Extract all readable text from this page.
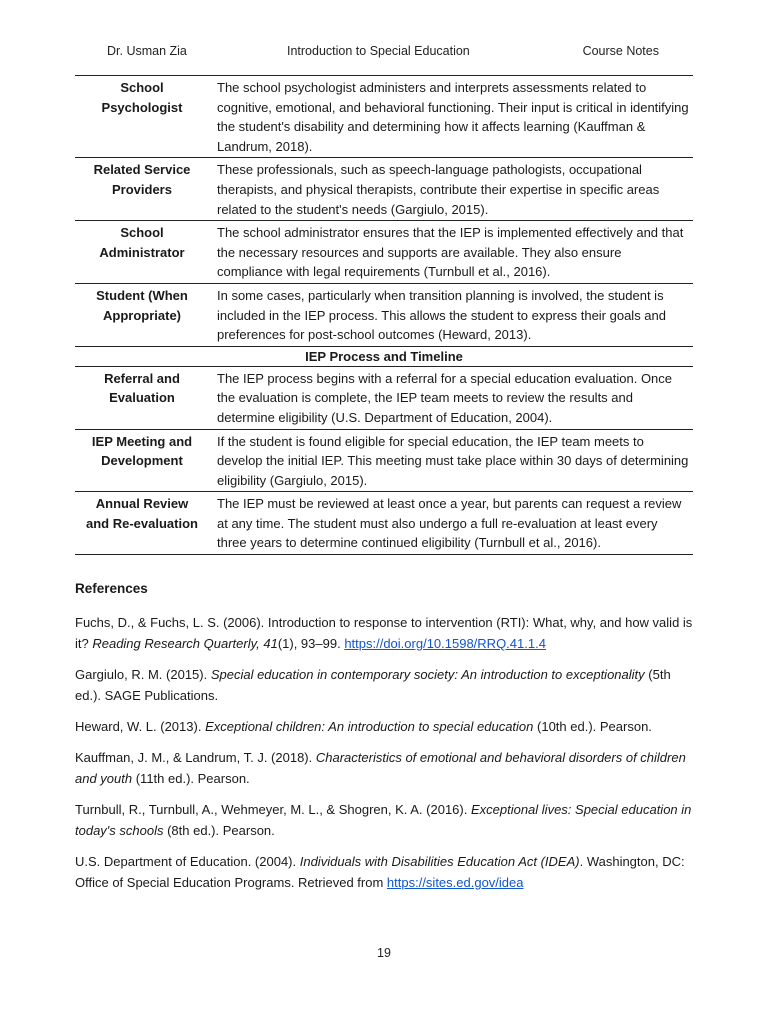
Dr. Usman Zia	Introduction to Special Education	Course Notes
School
Psychologist	The school psychologist administers and interprets assessments related to cognitive, emotional, and behavioral functioning. Their input is critical in identifying the student's disability and determining how it affects learning (Kauffman & Landrum, 2018).
Related Service
Providers	These professionals, such as speech-language pathologists, occupational therapists, and physical therapists, contribute their expertise in specific areas related to the student's needs (Gargiulo, 2015).
School
Administrator	The school administrator ensures that the IEP is implemented effectively and that the necessary resources and supports are available. They also ensure compliance with legal requirements (Turnbull et al., 2016).
Student (When
Appropriate)	In some cases, particularly when transition planning is involved, the student is included in the IEP process. This allows the student to express their goals and preferences for post-school outcomes (Heward, 2013).
IEP Process and Timeline	
Referral and
Evaluation	The IEP process begins with a referral for a special education evaluation. Once the evaluation is complete, the IEP team meets to review the results and determine eligibility (U.S. Department of Education, 2004).
IEP Meeting and
Development	If the student is found eligible for special education, the IEP team meets to develop the initial IEP. This meeting must take place within 30 days of determining eligibility (Gargiulo, 2015).
Annual Review
and Re-evaluation	The IEP must be reviewed at least once a year, but parents can request a review at any time. The student must also undergo a full re-evaluation at least every three years to determine continued eligibility (Turnbull et al., 2016).
References

Fuchs, D., & Fuchs, L. S. (2006). Introduction to response to intervention (RTI): What, why, and how valid is it? Reading Research Quarterly, 41(1), 93–99. https://doi.org/10.1598/RRQ.41.1.4

Gargiulo, R. M. (2015). Special education in contemporary society: An introduction to exceptionality (5th ed.). SAGE Publications.

Heward, W. L. (2013). Exceptional children: An introduction to special education (10th ed.). Pearson.

Kauffman, J. M., & Landrum, T. J. (2018). Characteristics of emotional and behavioral disorders of children and youth (11th ed.). Pearson.

Turnbull, R., Turnbull, A., Wehmeyer, M. L., & Shogren, K. A. (2016). Exceptional lives: Special education in today's schools (8th ed.). Pearson.

U.S. Department of Education. (2004). Individuals with Disabilities Education Act (IDEA). Washington, DC: Office of Special Education Programs. Retrieved from https://sites.ed.gov/idea

19
